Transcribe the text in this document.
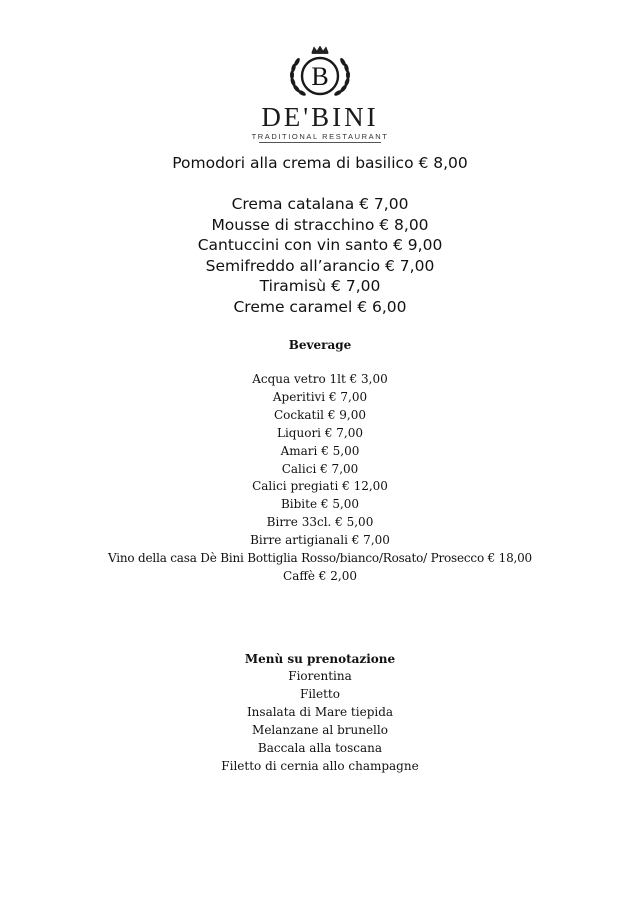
B
DE'BINI
TRADITIONAL RESTAURANT
Pomodori alla crema di basilico € 8,00
Crema catalana € 7,00
Mousse di stracchino € 8,00
Cantuccini con vin santo € 9,00
Semifreddo all’arancio € 7,00
Tiramisù € 7,00
Creme caramel € 6,00
Beverage
Acqua vetro 1lt € 3,00
Aperitivi € 7,00
Cockatil € 9,00
Liquori € 7,00
Amari € 5,00
Calici € 7,00
Calici pregiati € 12,00
Bibite € 5,00
Birre 33cl. € 5,00
Birre artigianali € 7,00
Vino della casa Dè Bini Bottiglia Rosso/bianco/Rosato/ Prosecco € 18,00
Caffè € 2,00
Menù su prenotazione
Fiorentina
Filetto
Insalata di Mare tiepida
Melanzane al brunello
Baccala alla toscana
Filetto di cernia allo champagne
